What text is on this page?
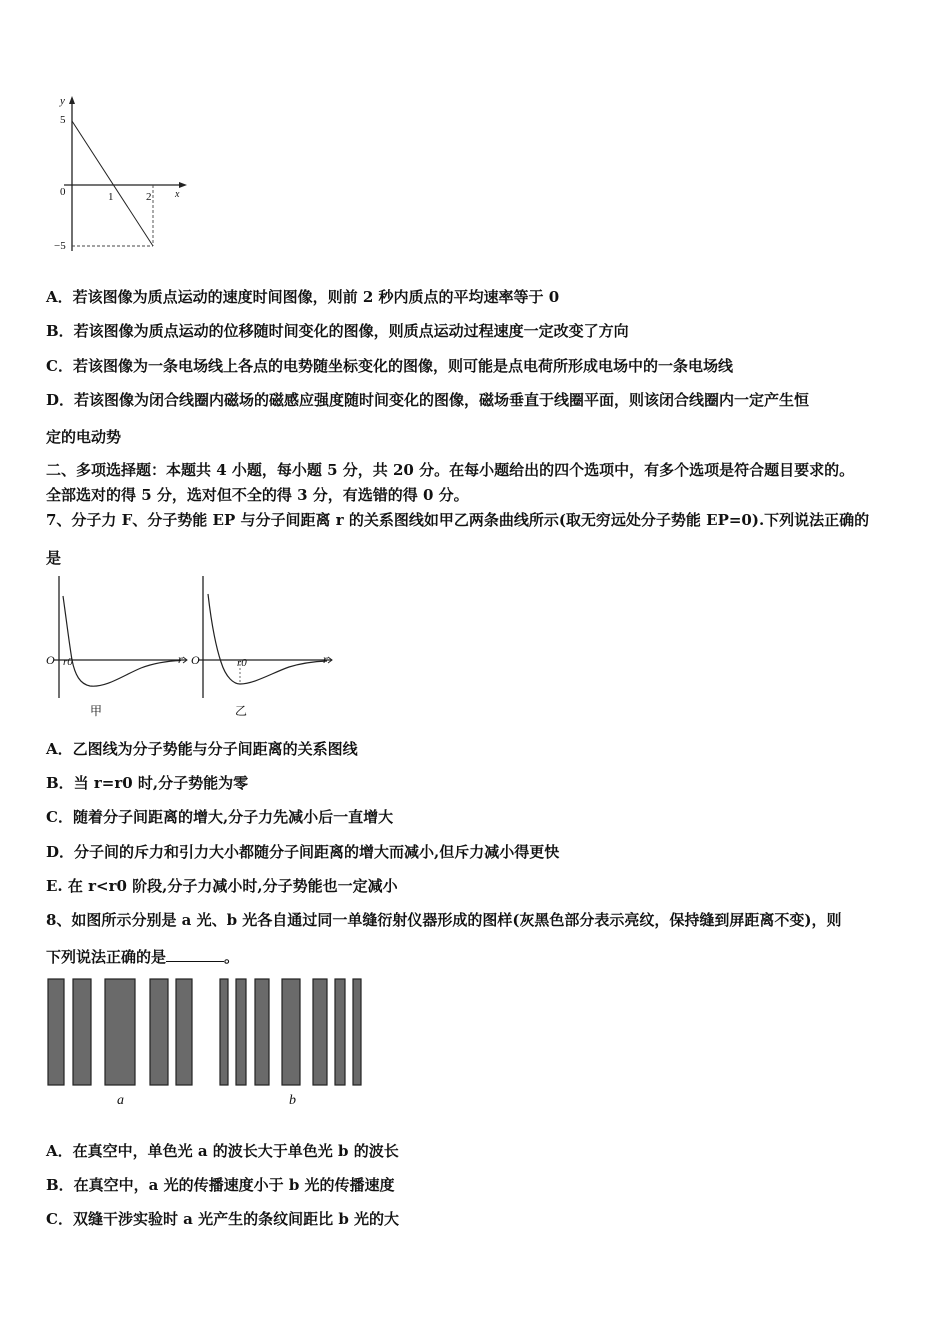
y
x
5
0	1	2
−5
A．若该图像为质点运动的速度时间图像，则前 2 秒内质点的平均速率等于 0
B．若该图像为质点运动的位移随时间变化的图像，则质点运动过程速度一定改变了方向
C．若该图像为一条电场线上各点的电势随坐标变化的图像，则可能是点电荷所形成电场中的一条电场线
D．若该图像为闭合线圈内磁场的磁感应强度随时间变化的图像，磁场垂直于线圈平面，则该闭合线圈内一定产生恒
定的电动势
二、多项选择题：本题共 4 小题，每小题 5 分，共 20 分。在每小题给出的四个选项中，有多个选项是符合题目要求的。
全部选对的得 5 分，选对但不全的得 3 分，有选错的得 0 分。
7、分子力 F、分子势能 EP 与分子间距离 r 的关系图线如甲乙两条曲线所示(取无穷远处分子势能 EP=0).下列说法正确的
是
O r0	r
甲
O	r0	r
乙
A．乙图线为分子势能与分子间距离的关系图线
B．当 r=r0 时,分子势能为零
C．随着分子间距离的增大,分子力先减小后一直增大
D．分子间的斥力和引力大小都随分子间距离的增大而减小,但斥力减小得更快
E. 在 r<r0 阶段,分子力减小时,分子势能也一定减小
8、如图所示分别是 a 光、b 光各自通过同一单缝衍射仪器形成的图样(灰黑色部分表示亮纹，保持缝到屏距离不变)，则
下列说法正确的是	。
a	b
A．在真空中，单色光 a 的波长大于单色光 b 的波长
B．在真空中，a 光的传播速度小于 b 光的传播速度
C．双缝干涉实验时 a 光产生的条纹间距比 b 光的大
